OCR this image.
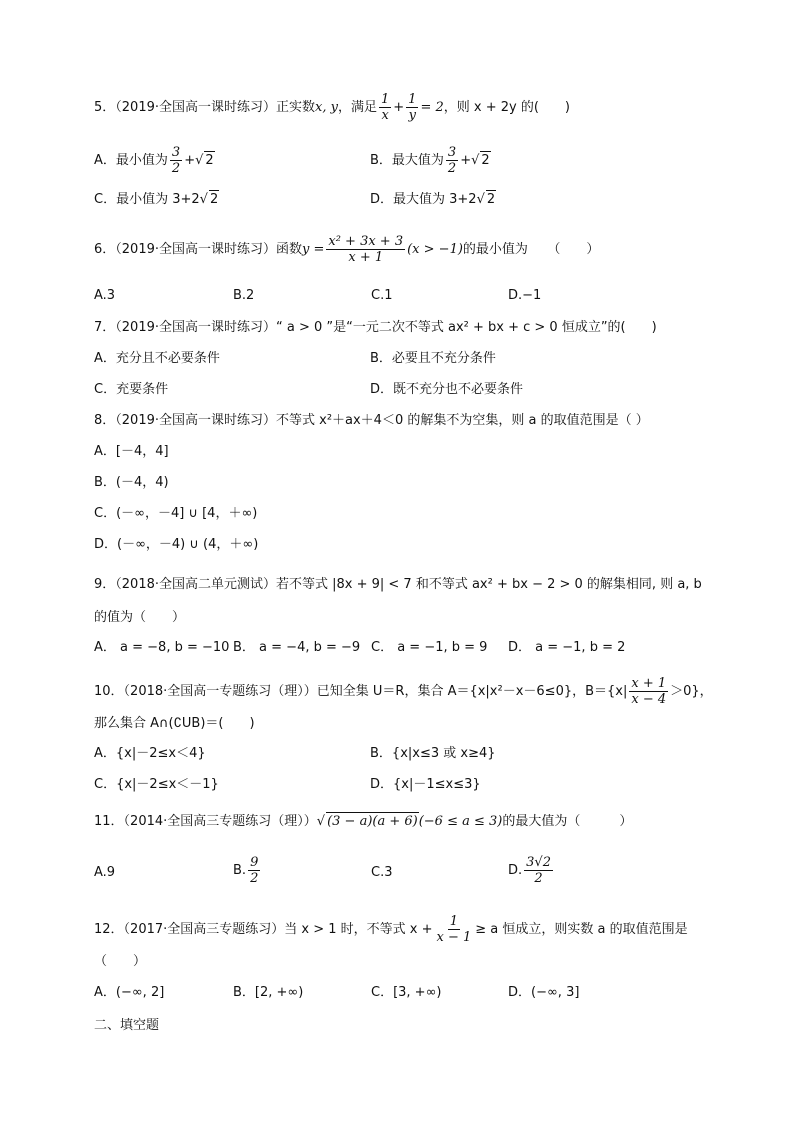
5．（2019·全国高一课时练习）正实数x, y，满足 $\frac{1}{x} + \frac{1}{y} = 2$，则 x + 2y 的(　　)
A．最小值为 $\frac{3}{2}$ +√ 2	B．最大值为 $\frac{3}{2}$ +√ 2
C．最小值为 3+2√ 2	D．最大值为 3+2√ 2
6．（2019·全国高一课时练习）函数$y = \frac{\text{x² + 3x + 3}}{x + 1} (x > -1)$的最小值为　　（　　）
A.3	B.2	C.1	D.−1
7．（2019·全国高一课时练习）“ a > 0 ”是“一元二次不等式 ax² + bx + c > 0 恒成立”的(　　)
A．充分且不必要条件	B．必要且不充分条件
C．充要条件	D．既不充分也不必要条件
8．（2019·全国高一课时练习）不等式 x²＋ax＋4＜0 的解集不为空集，则 a 的取值范围是（ ）
A．[－4，4]
B．(－4，4)
C．(－∞，－4] ∪ [4，＋∞)
D．(－∞，－4) ∪ (4，＋∞)
9．（2018·全国高二单元测试）若不等式 |8x + 9| < 7 和不等式 ax² + bx − 2 > 0 的解集相同, 则 a, b
的值为（　　）
A． a = −8, b = −10 B． a = −4, b = −9 C． a = −1, b = 9 D． a = −1, b = 2
10．（2018·全国高一专题练习（理））已知全集 U＝R，集合 A＝{x|x²－x－6≤0}，$B=\{x| \frac{x + 1}{x - 4} >0\}$，
那么集合 A∩(∁UB)＝(　　)
A．{x|－2≤x＜4}	B．{x|x≤3 或 x≥4}
C．{x|－2≤x＜－1}	D．{x|－1≤x≤3}
11．（2014·全国高三专题练习（理））√ (3 − a)(a + 6)(−6 ≤ a ≤ 3)的最大值为（　　　）
A.9	B. $\frac{9}{2}$	C.3	D. $\frac{3√2}{2}$
12．（2017·全国高三专题练习）当 x > 1 时，不等式 $x + \frac{1}{x - 1} \ge a$ 恒成立，则实数 a 的取值范围是
（　　）
A．(−∞, 2]	B．[2, +∞)	C．[3, +∞)	D．(−∞, 3]
二、填空题
